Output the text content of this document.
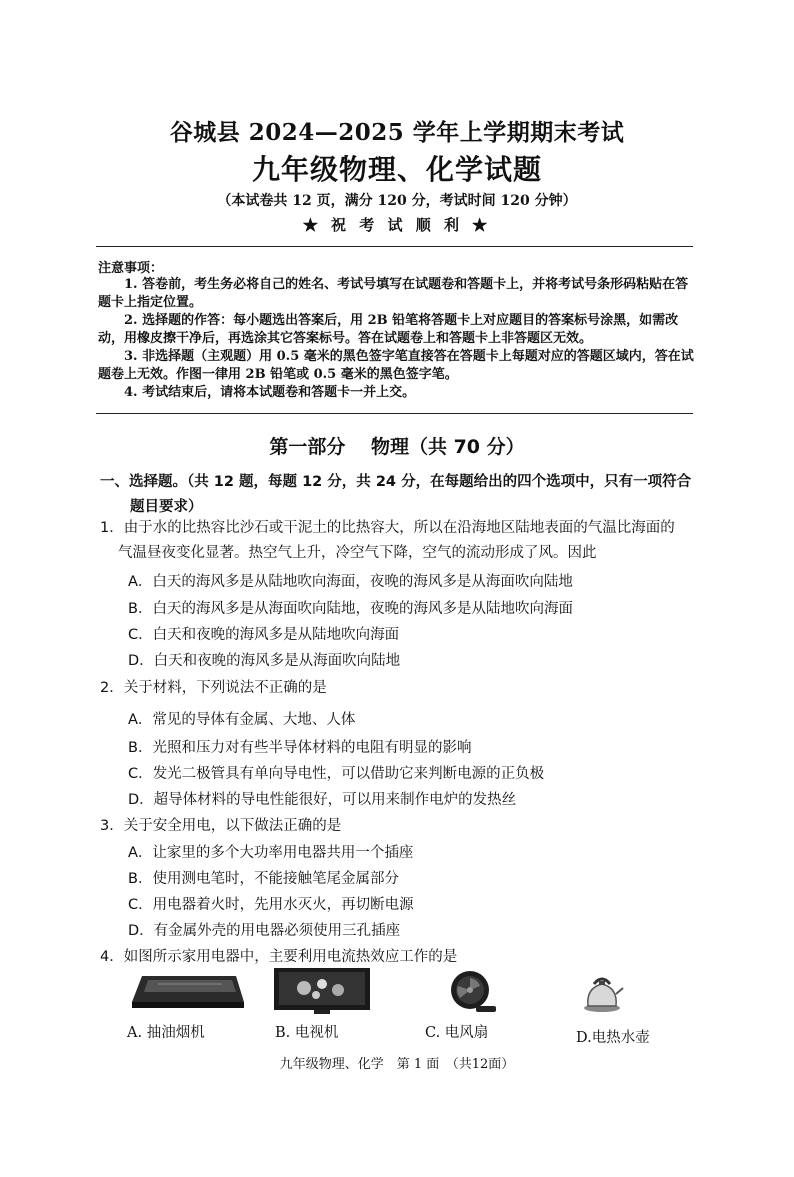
谷城县 2024—2025 学年上学期期末考试
九年级物理、化学试题
（本试卷共 12 页，满分 120 分，考试时间 120 分钟）
★ 祝 考 试 顺 利 ★
注意事项：

1. 答卷前，考生务必将自己的姓名、考试号填写在试题卷和答题卡上，并将考试号条形码粘贴在答题卡上指定位置。

2. 选择题的作答：每小题选出答案后，用 2B 铅笔将答题卡上对应题目的答案标号涂黑，如需改动，用橡皮擦干净后，再选涂其它答案标号。答在试题卷上和答题卡上非答题区无效。

3. 非选择题（主观题）用 0.5 毫米的黑色签字笔直接答在答题卡上每题对应的答题区域内，答在试题卷上无效。作图一律用 2B 铅笔或 0.5 毫米的黑色签字笔。

4. 考试结束后，请将本试题卷和答题卡一并上交。

第一部分　 物理（共 70 分）
一、选择题。（共 12 题，每题 12 分，共 24 分，在每题给出的四个选项中，只有一项符合
题目要求）
1．由于水的比热容比沙石或干泥土的比热容大，所以在沿海地区陆地表面的气温比海面的
气温昼夜变化显著。热空气上升，冷空气下降，空气的流动形成了风。因此
A．白天的海风多是从陆地吹向海面，夜晚的海风多是从海面吹向陆地
B．白天的海风多是从海面吹向陆地，夜晚的海风多是从陆地吹向海面
C．白天和夜晚的海风多是从陆地吹向海面
D．白天和夜晚的海风多是从海面吹向陆地
2．关于材料，下列说法不正确的是
A．常见的导体有金属、大地、人体
B．光照和压力对有些半导体材料的电阻有明显的影响
C．发光二极管具有单向导电性，可以借助它来判断电源的正负极
D．超导体材料的导电性能很好，可以用来制作电炉的发热丝
3．关于安全用电，以下做法正确的是
A．让家里的多个大功率用电器共用一个插座
B．使用测电笔时，不能接触笔尾金属部分
C．用电器着火时，先用水灭火，再切断电源
D．有金属外壳的用电器必须使用三孔插座
4．如图所示家用电器中，主要利用电流热效应工作的是
A. 抽油烟机	B. 电视机	C. 电风扇	D.电热水壶
九年级物理、化学　第 1 面　（共12面）
